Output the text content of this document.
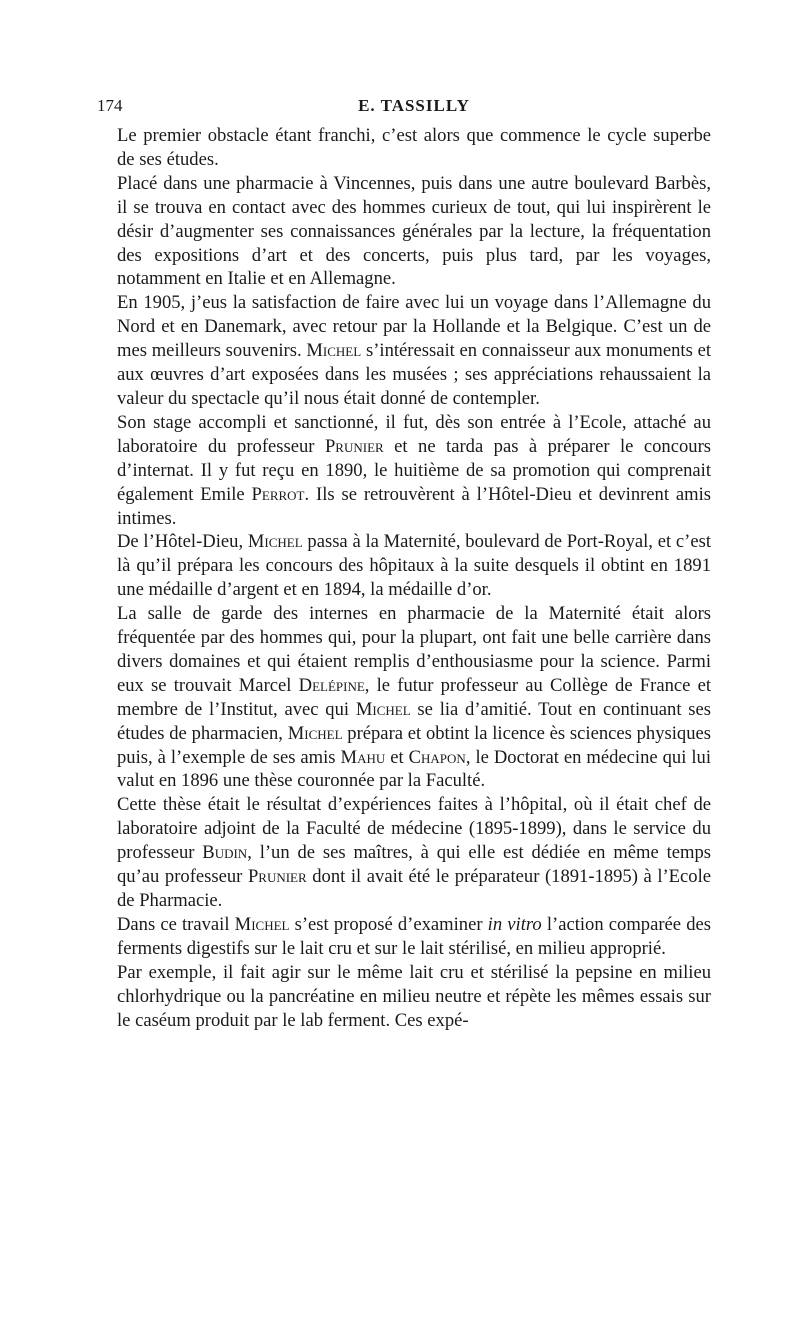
174	E. TASSILLY

Le premier obstacle étant franchi, c’est alors que commence le cycle superbe de ses études.

Placé dans une pharmacie à Vincennes, puis dans une autre boulevard Barbès, il se trouva en contact avec des hommes curieux de tout, qui lui inspirèrent le désir d’augmenter ses connaissances générales par la lecture, la fréquentation des expositions d’art et des concerts, puis plus tard, par les voyages, notamment en Italie et en Allemagne.

En 1905, j’eus la satisfaction de faire avec lui un voyage dans l’Allemagne du Nord et en Danemark, avec retour par la Hollande et la Belgique. C’est un de mes meilleurs souvenirs. Michel s’intéressait en connaisseur aux monuments et aux œuvres d’art exposées dans les musées ; ses appréciations rehaussaient la valeur du spectacle qu’il nous était donné de contempler.

Son stage accompli et sanctionné, il fut, dès son entrée à l’Ecole, attaché au laboratoire du professeur Prunier et ne tarda pas à préparer le concours d’internat. Il y fut reçu en 1890, le huitième de sa promotion qui comprenait également Emile Perrot. Ils se retrouvèrent à l’Hôtel-Dieu et devinrent amis intimes.

De l’Hôtel-Dieu, Michel passa à la Maternité, boulevard de Port-Royal, et c’est là qu’il prépara les concours des hôpitaux à la suite desquels il obtint en 1891 une médaille d’argent et en 1894, la médaille d’or.

La salle de garde des internes en pharmacie de la Maternité était alors fréquentée par des hommes qui, pour la plupart, ont fait une belle carrière dans divers domaines et qui étaient remplis d’enthousiasme pour la science. Parmi eux se trouvait Marcel Delépine, le futur professeur au Collège de France et membre de l’Institut, avec qui Michel se lia d’amitié. Tout en continuant ses études de pharmacien, Michel prépara et obtint la licence ès sciences physiques puis, à l’exemple de ses amis Mahu et Chapon, le Doctorat en médecine qui lui valut en 1896 une thèse couronnée par la Faculté.

Cette thèse était le résultat d’expériences faites à l’hôpital, où il était chef de laboratoire adjoint de la Faculté de médecine (1895-1899), dans le service du professeur Budin, l’un de ses maîtres, à qui elle est dédiée en même temps qu’au professeur Prunier dont il avait été le préparateur (1891-1895) à l’Ecole de Pharmacie.

Dans ce travail Michel s’est proposé d’examiner in vitro l’action comparée des ferments digestifs sur le lait cru et sur le lait stérilisé, en milieu approprié.

Par exemple, il fait agir sur le même lait cru et stérilisé la pepsine en milieu chlorhydrique ou la pancréatine en milieu neutre et répète les mêmes essais sur le caséum produit par le lab ferment. Ces expé-
